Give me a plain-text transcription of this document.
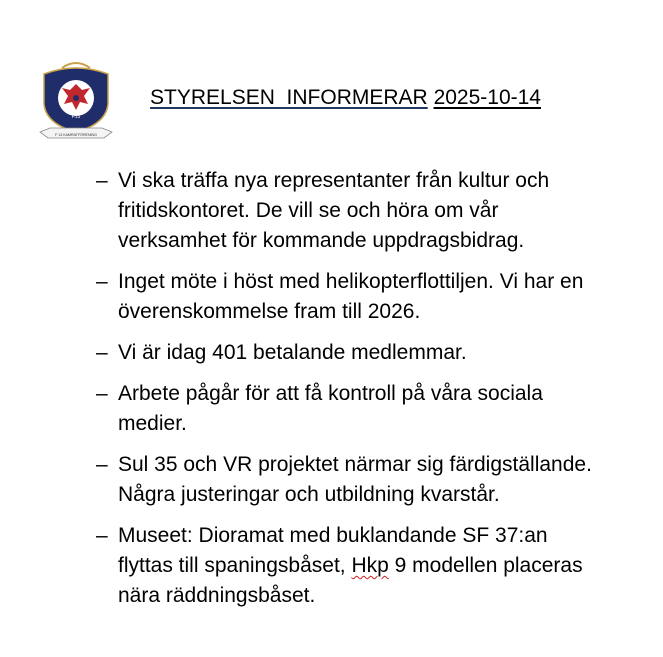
F13
F 13 KAMRATFÖRENING
STYRELSEN  INFORMERAR 2025-10-14
– Vi ska träffa nya representanter från kultur och fritidskontoret. De vill se och höra om vår verksamhet för kommande uppdragsbidrag.
– Inget möte i höst med helikopterflottiljen. Vi har en överenskommelse fram till 2026.
– Vi är idag 401 betalande medlemmar.
– Arbete pågår för att få kontroll på våra sociala medier.
– Sul 35 och VR projektet närmar sig färdigställande. Några justeringar och utbildning kvarstår.
– Museet: Dioramat med buklandande SF 37:an flyttas till spaningsbåset, Hkp 9 modellen placeras nära räddningsbåset.
